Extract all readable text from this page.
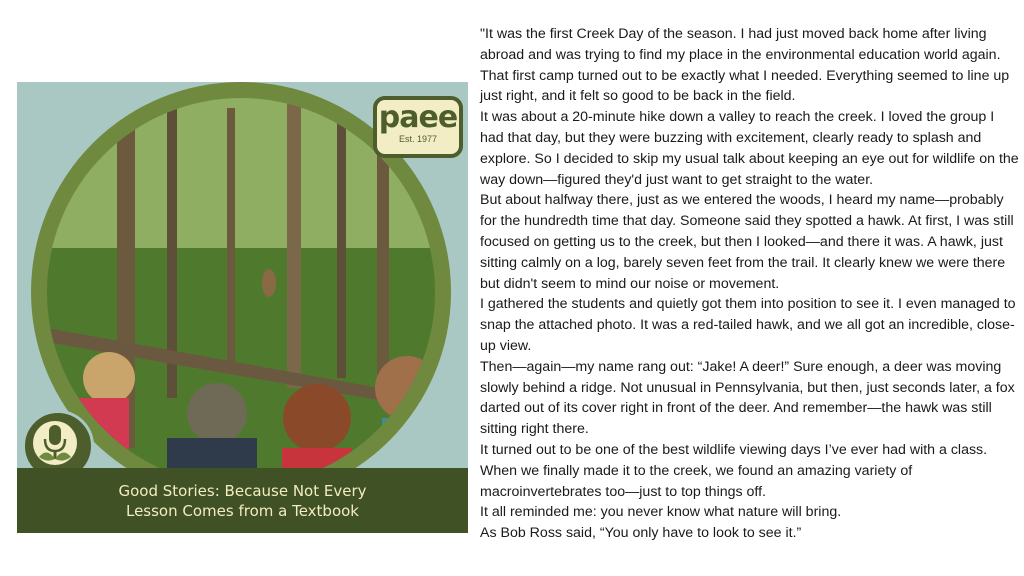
paee
Est. 1977
Good Stories: Because Not Every
Lesson Comes from a Textbook

"It was the first Creek Day of the season. I had just moved back home after living abroad and was trying to find my place in the environmental education world again. That first camp turned out to be exactly what I needed. Everything seemed to line up just right, and it felt so good to be back in the field.

It was about a 20-minute hike down a valley to reach the creek. I loved the group I had that day, but they were buzzing with excitement, clearly ready to splash and explore. So I decided to skip my usual talk about keeping an eye out for wildlife on the way down—figured they'd just want to get straight to the water.

But about halfway there, just as we entered the woods, I heard my name—probably for the hundredth time that day. Someone said they spotted a hawk. At first, I was still focused on getting us to the creek, but then I looked—and there it was. A hawk, just sitting calmly on a log, barely seven feet from the trail. It clearly knew we were there but didn't seem to mind our noise or movement.

I gathered the students and quietly got them into position to see it. I even managed to snap the attached photo. It was a red-tailed hawk, and we all got an incredible, close-up view.

Then—again—my name rang out: “Jake! A deer!” Sure enough, a deer was moving slowly behind a ridge. Not unusual in Pennsylvania, but then, just seconds later, a fox darted out of its cover right in front of the deer. And remember—the hawk was still sitting right there.

It turned out to be one of the best wildlife viewing days I’ve ever had with a class.

When we finally made it to the creek, we found an amazing variety of macroinvertebrates too—just to top things off.

It all reminded me: you never know what nature will bring.

As Bob Ross said, “You only have to look to see it.”
